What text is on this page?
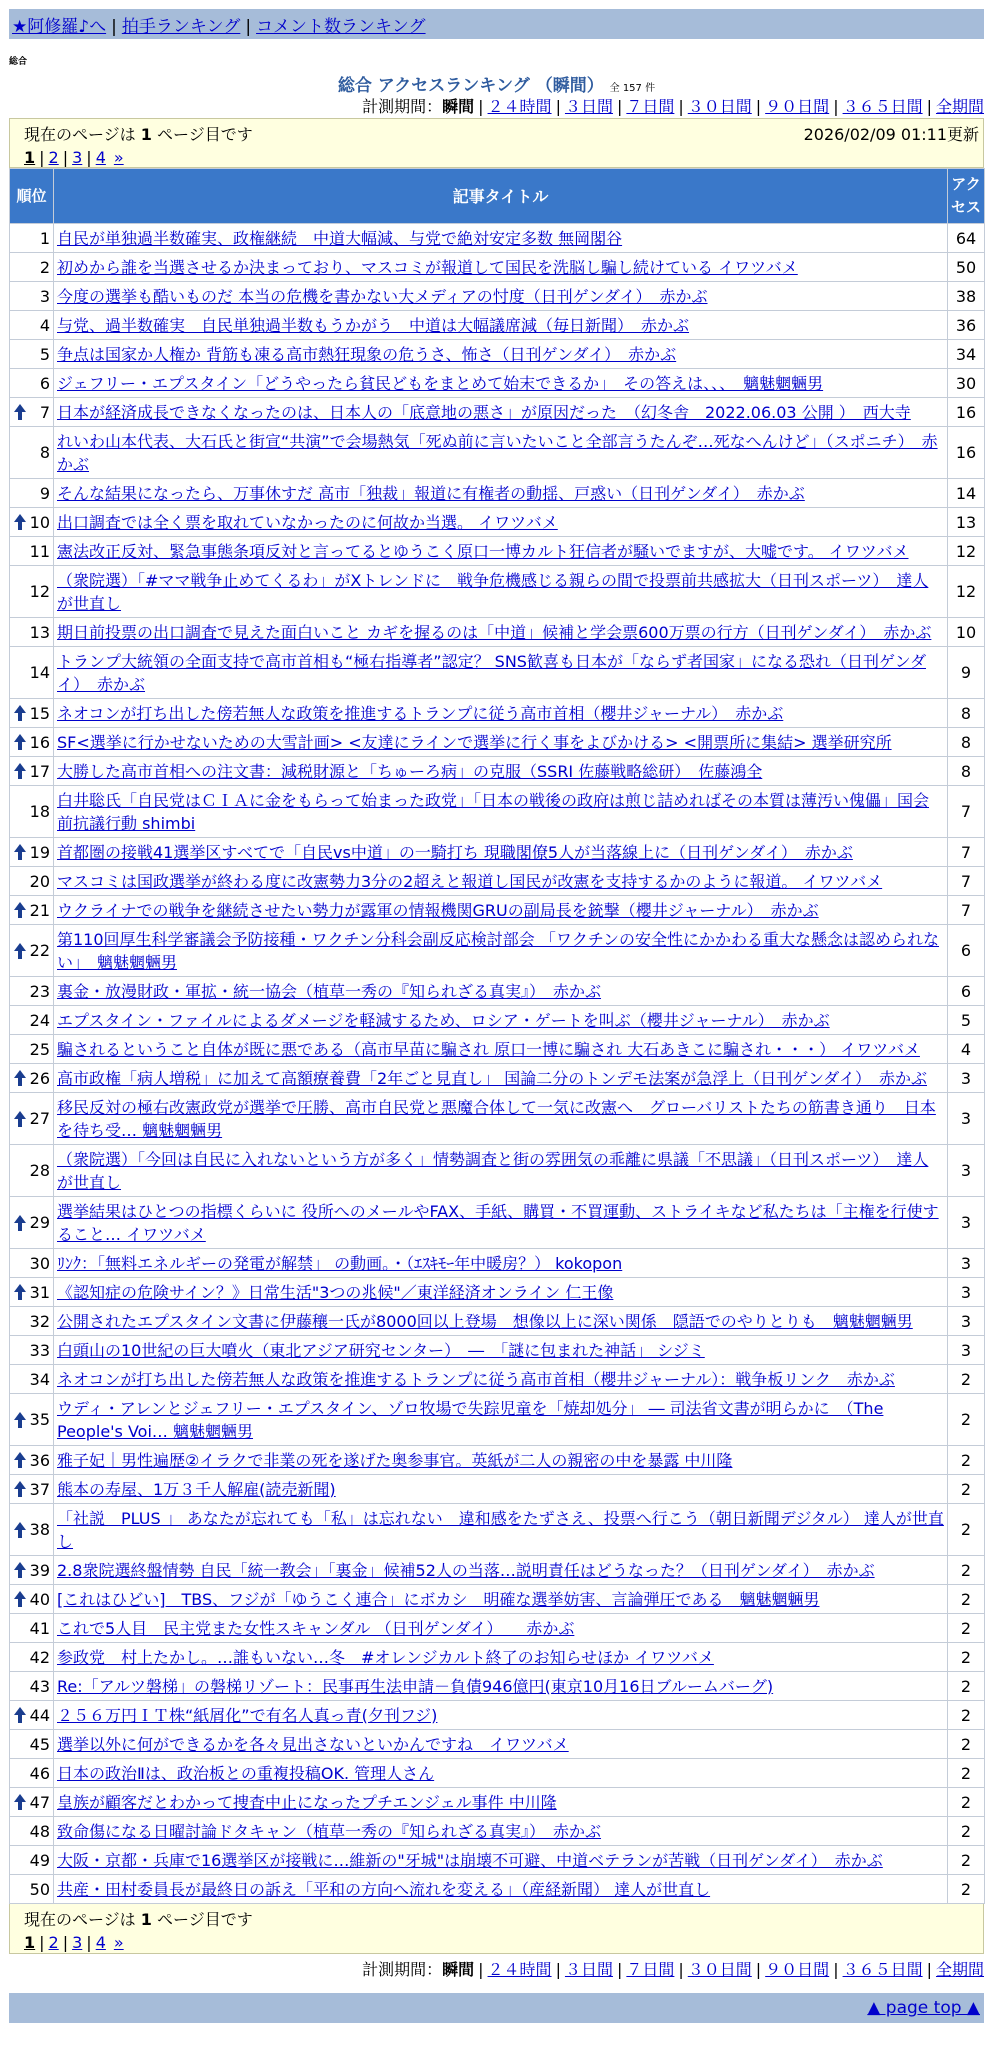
★阿修羅♪へ | 拍手ランキング | コメント数ランキング
総合
総合 アクセスランキング （瞬間） 全 157 件
計測期間：瞬間 | ２４時間 | ３日間 | ７日間 | ３０日間 | ９０日間 | ３６５日間 | 全期間
現在のページは 1 ページ目です	2026/02/09 01:11更新
1 | 2 | 3 | 4 »
順位	記事タイトル	アクセス
1	自民が単独過半数確実、政権継続　中道大幅減、与党で絶対安定多数 無岡閣谷	64
2	初めから誰を当選させるか決まっており、マスコミが報道して国民を洗脳し騙し続けている イワツバメ	50
3	今度の選挙も酷いものだ 本当の危機を書かない大メディアの忖度（日刊ゲンダイ）　赤かぶ	38
4	与党、過半数確実　自民単独過半数もうかがう　中道は大幅議席減（毎日新聞）　赤かぶ	36
5	争点は国家か人権か 背筋も凍る高市熱狂現象の危うさ、怖さ（日刊ゲンダイ）　赤かぶ	34
6	ジェフリー・エプスタイン「どうやったら貧民どもをまとめて始末できるか」　その答えは、、、　魑魅魍魎男	30

7	日本が経済成長できなくなったのは、日本人の「底意地の悪さ」が原因だった　（幻冬舎　2022.06.03 公開 ）　西大寺	16
8	れいわ山本代表、大石氏と街宣“共演”で会場熱気「死ぬ前に言いたいこと全部言うたんぞ…死なへんけど」（スポニチ）　赤かぶ	16
9	そんな結果になったら、万事休すだ 高市「独裁」報道に有権者の動揺、戸惑い（日刊ゲンダイ）　赤かぶ	14

10	出口調査では全く票を取れていなかったのに何故か当選。 イワツバメ	13
11	憲法改正反対、緊急事態条項反対と言ってるとゆうこく原口一博カルト狂信者が騒いでますが、大嘘です。 イワツバメ	12
12	（衆院選）「#ママ戦争止めてくるわ」がXトレンドに　戦争危機感じる親らの間で投票前共感拡大（日刊スポーツ）　達人が世直し	12
13	期日前投票の出口調査で見えた面白いこと カギを握るのは「中道」候補と学会票600万票の行方（日刊ゲンダイ）　赤かぶ	10
14	トランプ大統領の全面支持で高市首相も“極右指導者”認定？ SNS歓喜も日本が「ならず者国家」になる恐れ（日刊ゲンダイ）　赤かぶ	9

15	ネオコンが打ち出した傍若無人な政策を推進するトランプに従う高市首相（櫻井ジャーナル）　赤かぶ	8

16	SF<選挙に行かせないための大雪計画> <友達にラインで選挙に行く事をよびかける> <開票所に集結> 選挙研究所	8

17	大勝した高市首相への注文書：減税財源と「ちゅーろ病」の克服（SSRI 佐藤戦略総研）　佐藤鴻全	8
18	白井聡氏「自民党はＣＩＡに金をもらって始まった政党」「日本の戦後の政府は煎じ詰めればその本質は薄汚い傀儡」国会前抗議行動 shimbi	7

19	首都圏の接戦41選挙区すべてで「自民vs中道」の一騎打ち 現職閣僚5人が当落線上に（日刊ゲンダイ）　赤かぶ	7
20	マスコミは国政選挙が終わる度に改憲勢力3分の2超えと報道し国民が改憲を支持するかのように報道。 イワツバメ	7

21	ウクライナでの戦争を継続させたい勢力が露軍の情報機関GRUの副局長を銃撃（櫻井ジャーナル）　赤かぶ	7

22	第110回厚生科学審議会予防接種・ワクチン分科会副反応検討部会 「ワクチンの安全性にかかわる重大な懸念は認められない」　魑魅魍魎男	6
23	裏金・放漫財政・軍拡・統一協会（植草一秀の『知られざる真実』）　赤かぶ	6
24	エプスタイン・ファイルによるダメージを軽減するため、ロシア・ゲートを叫ぶ（櫻井ジャーナル）　赤かぶ	5
25	騙されるということ自体が既に悪である（高市早苗に騙され 原口一博に騙され 大石あきこに騙され・・・） イワツバメ	4

26	高市政権「病人増税」に加えて高額療養費「2年ごと見直し」 国論二分のトンデモ法案が急浮上（日刊ゲンダイ）　赤かぶ	3

27	移民反対の極右改憲政党が選挙で圧勝、高市自民党と悪魔合体して一気に改憲へ　グローバリストたちの筋書き通り　日本を待ち受… 魑魅魍魎男	3
28	（衆院選）「今回は自民に入れないという方が多く」情勢調査と街の雰囲気の乖離に県議「不思議」（日刊スポーツ）　達人が世直し	3

29	選挙結果はひとつの指標くらいに 役所へのメールやFAX、手紙、購買・不買運動、ストライキなど私たちは「主権を行使すること… イワツバメ	3
30	ﾘﾝｸ：「無料エネルギーの発電が解禁」 の動画。・（ｴｽｷﾓｰ年中暖房？） kokopon	3

31	《認知症の危険サイン？》日常生活"3つの兆候"／東洋経済オンライン 仁王像	3
32	公開されたエプスタイン文書に伊藤穰一氏が8000回以上登場　想像以上に深い関係　隠語でのやりとりも　魑魅魍魎男	3
33	白頭山の10世紀の巨大噴火（東北アジア研究センター）　―　「謎に包まれた神話」 シジミ	3
34	ネオコンが打ち出した傍若無人な政策を推進するトランプに従う高市首相（櫻井ジャーナル）：戦争板リンク　赤かぶ	2

35	ウディ・アレンとジェフリー・エプスタイン、ゾロ牧場で失踪児童を「焼却処分」 ― 司法省文書が明らかに　（The People's Voi… 魑魅魍魎男	2

36	雅子妃｜男性遍歴②イラクで非業の死を遂げた奥参事官。英紙が二人の親密の中を暴露 中川隆	2

37	熊本の寿屋、1万３千人解雇(読売新聞)	2

38	「社説　PLUS 」 あなたが忘れても「私」は忘れない　違和感をたずさえ、投票へ行こう（朝日新聞デジタル） 達人が世直し	2

39	2.8衆院選終盤情勢 自民「統一教会」「裏金」候補52人の当落…説明責任はどうなった？（日刊ゲンダイ）　赤かぶ	2

40	[これはひどい]　TBS、フジが「ゆうこく連合」にボカシ　明確な選挙妨害、言論弾圧である　魑魅魍魎男	2
41	これで5人目　民主党また女性スキャンダル （日刊ゲンダイ）　　赤かぶ	2
42	参政党　村上たかし。…誰もいない…冬　#オレンジカルト終了のお知らせほか イワツバメ	2
43	Re:「アルツ磐梯」の磐梯リゾート：民事再生法申請－負債946億円(東京10月16日ブルームバーグ)	2

44	２５６万円ＩＴ株“紙屑化”で有名人真っ青(夕刊フジ)	2
45	選挙以外に何ができるかを各々見出さないといかんですね　イワツバメ	2
46	日本の政治Ⅱは、政治板との重複投稿OK. 管理人さん	2

47	皇族が顧客だとわかって捜査中止になったプチエンジェル事件 中川隆	2
48	致命傷になる日曜討論ドタキャン（植草一秀の『知られざる真実』）　赤かぶ	2
49	大阪・京都・兵庫で16選挙区が接戦に…維新の"牙城"は崩壊不可避、中道ベテランが苦戦（日刊ゲンダイ）　赤かぶ	2
50	共産・田村委員長が最終日の訴え「平和の方向へ流れを変える」（産経新聞） 達人が世直し	2
現在のページは 1 ページ目です
1 | 2 | 3 | 4 »
計測期間：瞬間 | ２４時間 | ３日間 | ７日間 | ３０日間 | ９０日間 | ３６５日間 | 全期間
▲ page top ▲
